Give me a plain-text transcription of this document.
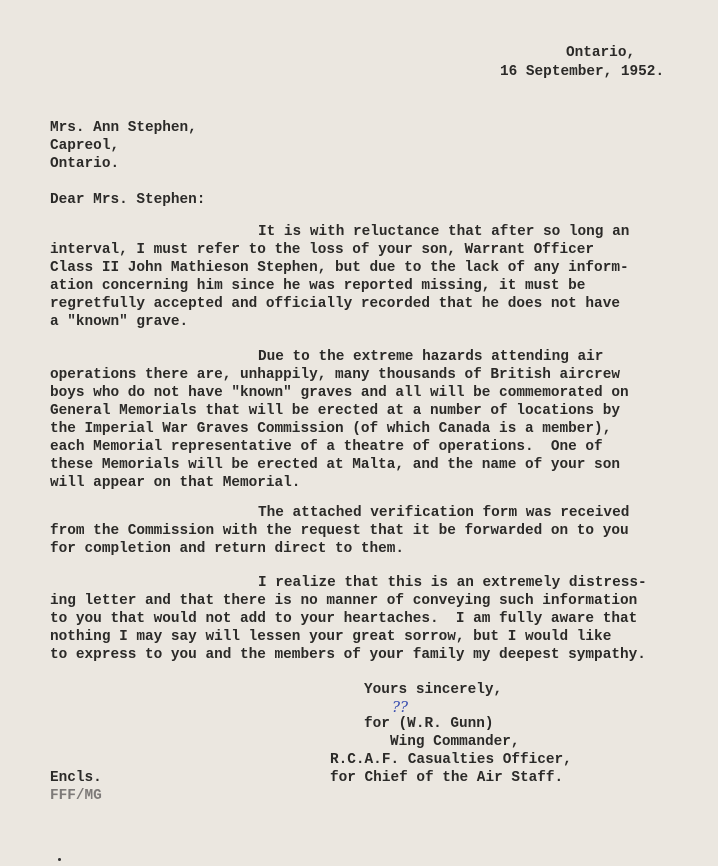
Ontario,
16 September, 1952.
Mrs. Ann Stephen,
Capreol,
Ontario.
Dear Mrs. Stephen:
It is with reluctance that after so long an
interval, I must refer to the loss of your son, Warrant Officer
Class II John Mathieson Stephen, but due to the lack of any inform-
ation concerning him since he was reported missing, it must be
regretfully accepted and officially recorded that he does not have
a "known" grave.
Due to the extreme hazards attending air
operations there are, unhappily, many thousands of British aircrew
boys who do not have "known" graves and all will be commemorated on
General Memorials that will be erected at a number of locations by
the Imperial War Graves Commission (of which Canada is a member),
each Memorial representative of a theatre of operations.  One of
these Memorials will be erected at Malta, and the name of your son
will appear on that Memorial.
The attached verification form was received
from the Commission with the request that it be forwarded on to you
for completion and return direct to them.
I realize that this is an extremely distress-
ing letter and that there is no manner of conveying such information
to you that would not add to your heartaches.  I am fully aware that
nothing I may say will lessen your great sorrow, but I would like
to express to you and the members of your family my deepest sympathy.
Yours sincerely,
??
for (W.R. Gunn)
Wing Commander,
R.C.A.F. Casualties Officer,
for Chief of the Air Staff.
Encls.
FFF/MG
